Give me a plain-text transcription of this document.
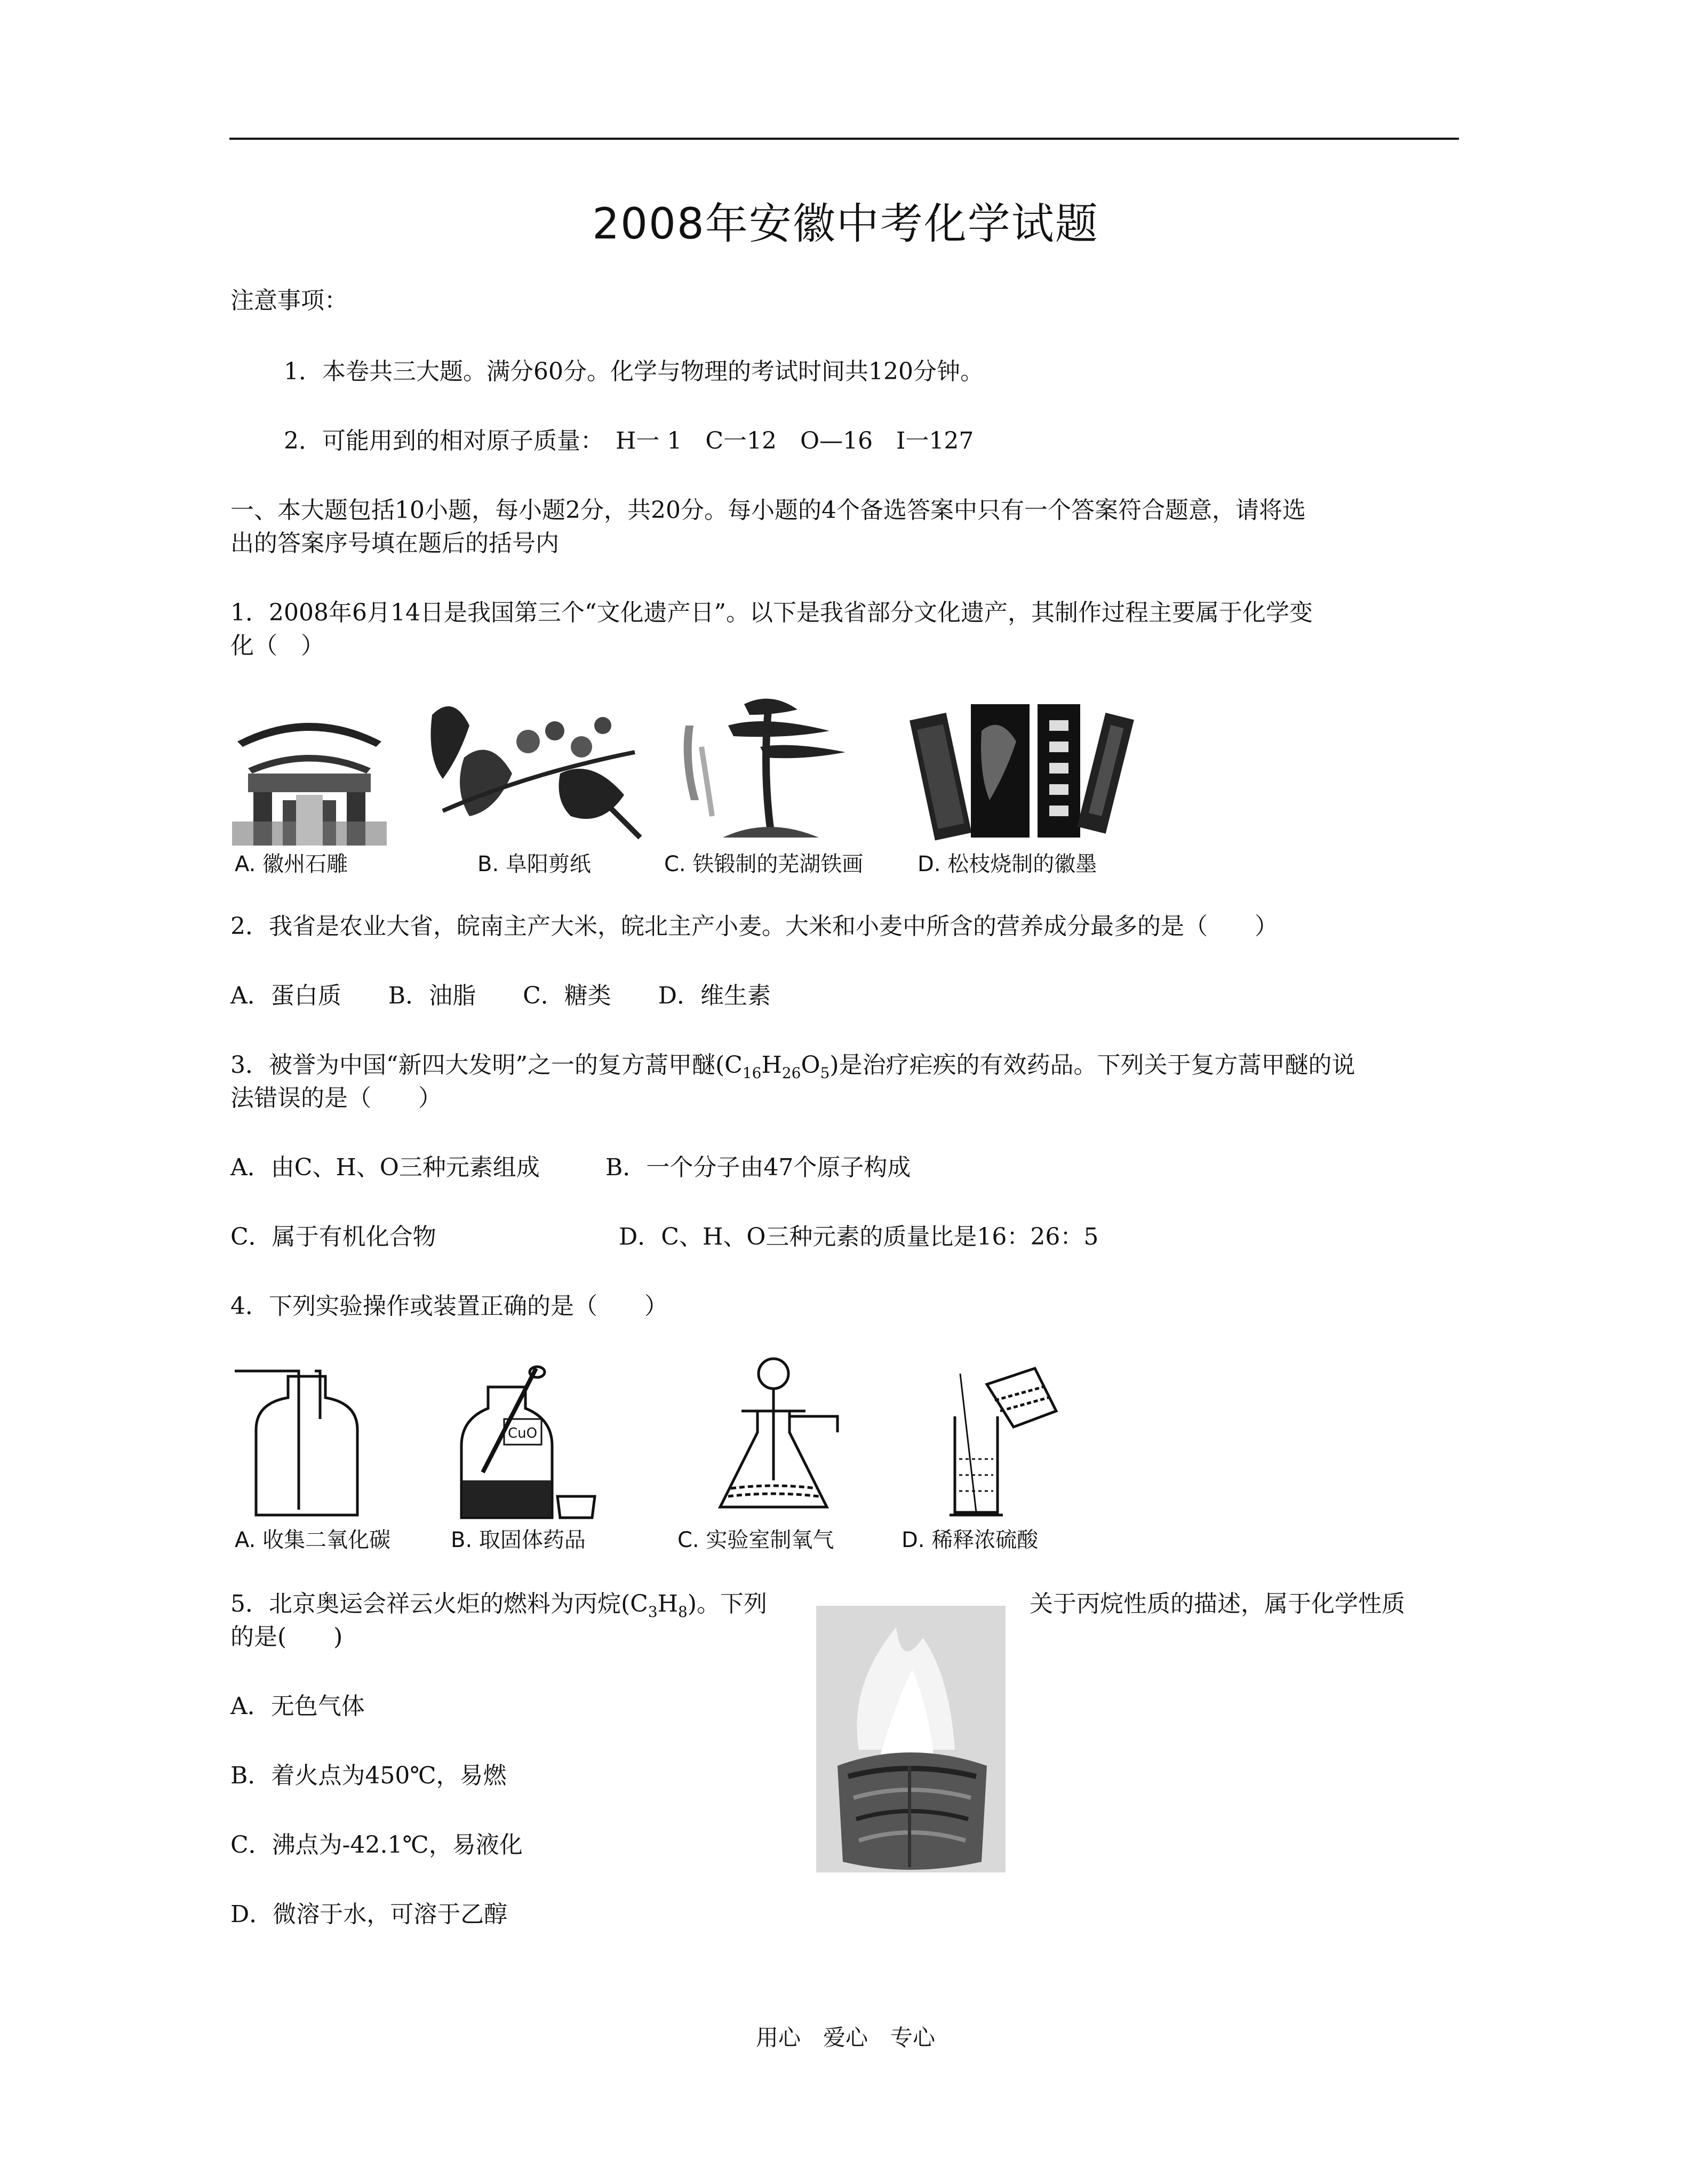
2008年安徽中考化学试题
注意事项：
1．本卷共三大题。满分60分。化学与物理的考试时间共120分钟。
2．可能用到的相对原子质量：　H一 1　C一12　O—16　I一127
一、本大题包括10小题，每小题2分，共20分。每小题的4个备选答案中只有一个答案符合题意，请将选
出的答案序号填在题后的括号内
1．2008年6月14日是我国第三个“文化遗产日”。以下是我省部分文化遗产，其制作过程主要属于化学变
化（　）
A. 徽州石雕	B. 阜阳剪纸	C. 铁锻制的芜湖铁画	D. 松枝烧制的徽墨
2．我省是农业大省，皖南主产大米，皖北主产小麦。大米和小麦中所含的营养成分最多的是（　　）
A．蛋白质　　B．油脂　　C．糖类　　D．维生素
3．被誉为中国“新四大发明”之一的复方蒿甲醚$(C_{16}H_{26}O_5)$是治疗疟疾的有效药品。下列关于复方蒿甲醚的说
法错误的是（　　）
A．由C、H、O三种元素组成	B．一个分子由47个原子构成
C．属于有机化合物	D．C、H、O三种元素的质量比是16：26：5
4．下列实验操作或装置正确的是（　　）
CuO
A. 收集二氧化碳	B. 取固体药品	C. 实验室制氧气	D. 稀释浓硫酸
5．北京奥运会祥云火炬的燃料为丙烷$(C_3H_8)$。下列	关于丙烷性质的描述，属于化学性质
的是(　　)
A．无色气体
B．着火点为450℃，易燃
C．沸点为-42.1℃，易液化
D．微溶于水，可溶于乙醇
用心　爱心　专心
